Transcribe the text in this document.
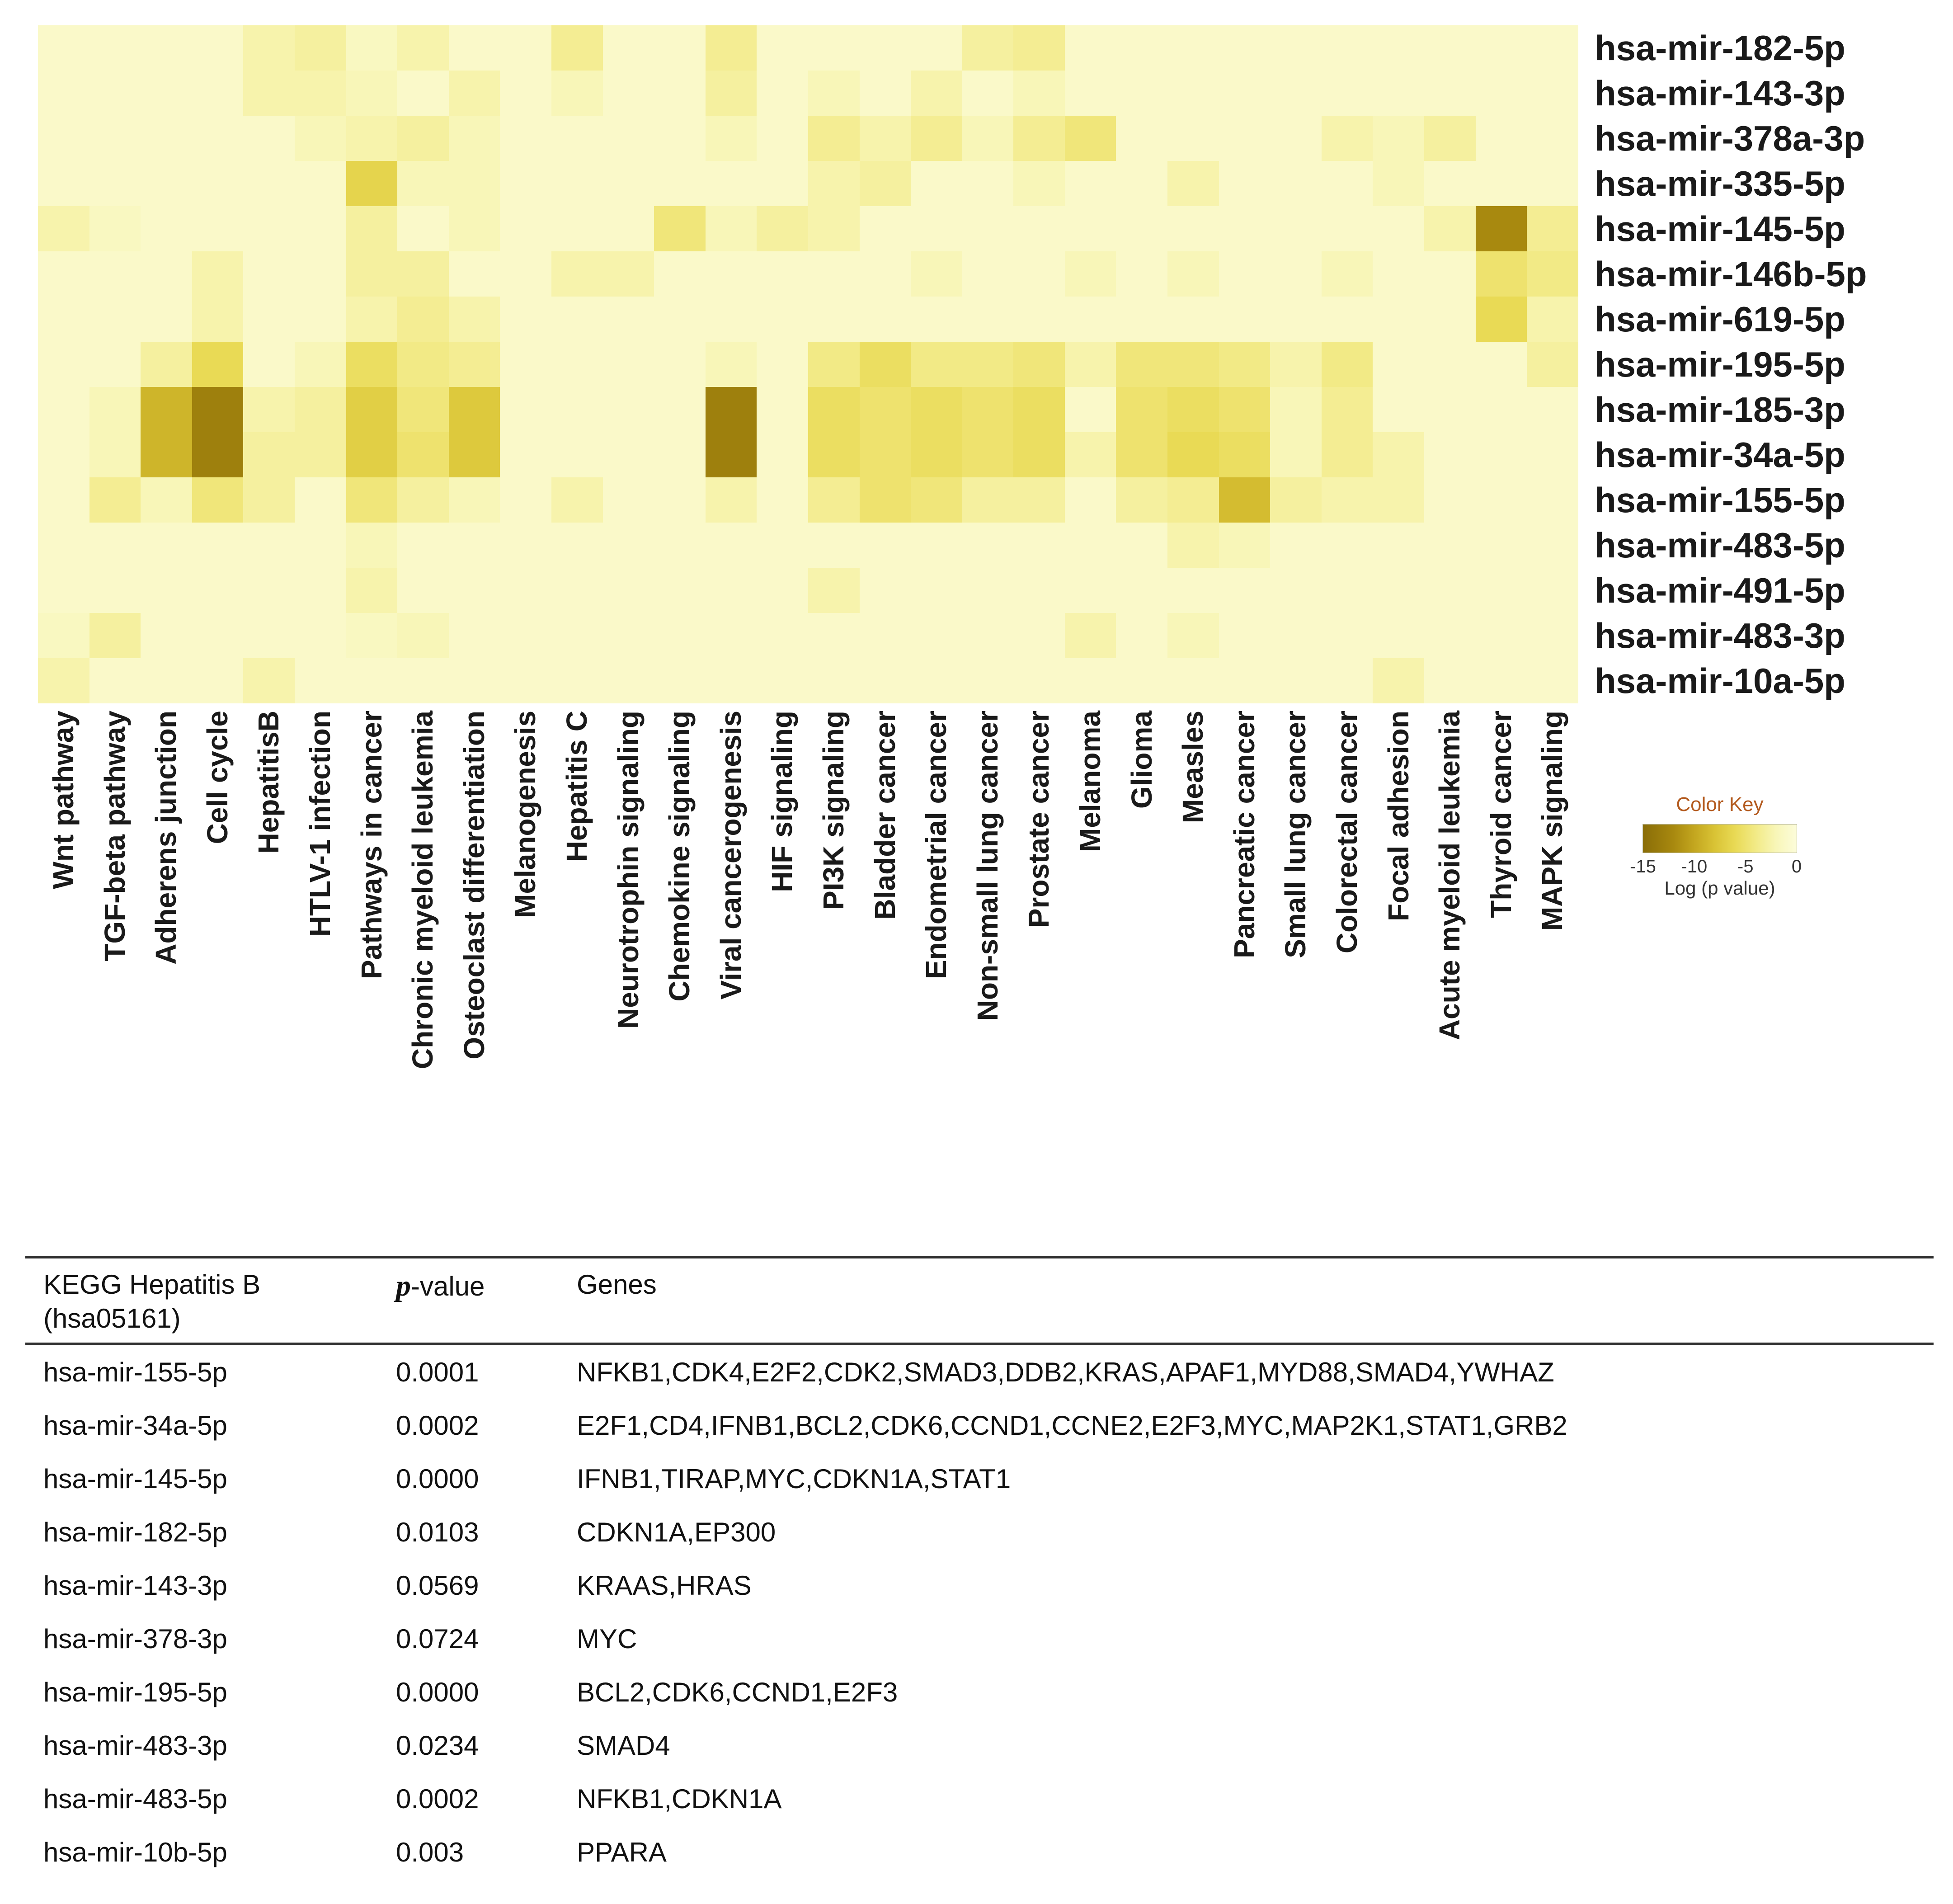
hsa-mir-182-5p
hsa-mir-143-3p
hsa-mir-378a-3p
hsa-mir-335-5p
hsa-mir-145-5p
hsa-mir-146b-5p
hsa-mir-619-5p
hsa-mir-195-5p
hsa-mir-185-3p
hsa-mir-34a-5p
hsa-mir-155-5p
hsa-mir-483-5p
hsa-mir-491-5p
hsa-mir-483-3p
hsa-mir-10a-5p
Wnt pathway TGF-beta pathway Adherens junction Cell cycle HepatitisB HTLV-1 infection Pathways in cancer Chronic myeloid leukemia Osteoclast differentiation Melanogenesis Hepatitis C Neurotrophin signaling Chemokine signaling Viral cancerogenesis HIF signaling PI3K signaling Bladder cancer Endometrial cancer Non-small lung cancer Prostate cancer Melanoma Glioma Measles Pancreatic cancer Small lung cancer Colorectal cancer Focal adhesion Acute myeloid leukemia Thyroid cancer MAPK signaling	Color Key
-15 -10 -5 0
Log (p value)
KEGG Hepatitis B
(hsa05161)
p-value	Genes
hsa-mir-155-5p	0.0001	NFKB1,CDK4,E2F2,CDK2,SMAD3,DDB2,KRAS,APAF1,MYD88,SMAD4,YWHAZ
hsa-mir-34a-5p	0.0002	E2F1,CD4,IFNB1,BCL2,CDK6,CCND1,CCNE2,E2F3,MYC,MAP2K1,STAT1,GRB2
hsa-mir-145-5p	0.0000	IFNB1,TIRAP,MYC,CDKN1A,STAT1
hsa-mir-182-5p	0.0103	CDKN1A,EP300
hsa-mir-143-3p	0.0569	KRAAS,HRAS
hsa-mir-378-3p	0.0724	MYC
hsa-mir-195-5p	0.0000	BCL2,CDK6,CCND1,E2F3
hsa-mir-483-3p	0.0234	SMAD4
hsa-mir-483-5p	0.0002	NFKB1,CDKN1A
hsa-mir-10b-5p	0.003	PPARA
